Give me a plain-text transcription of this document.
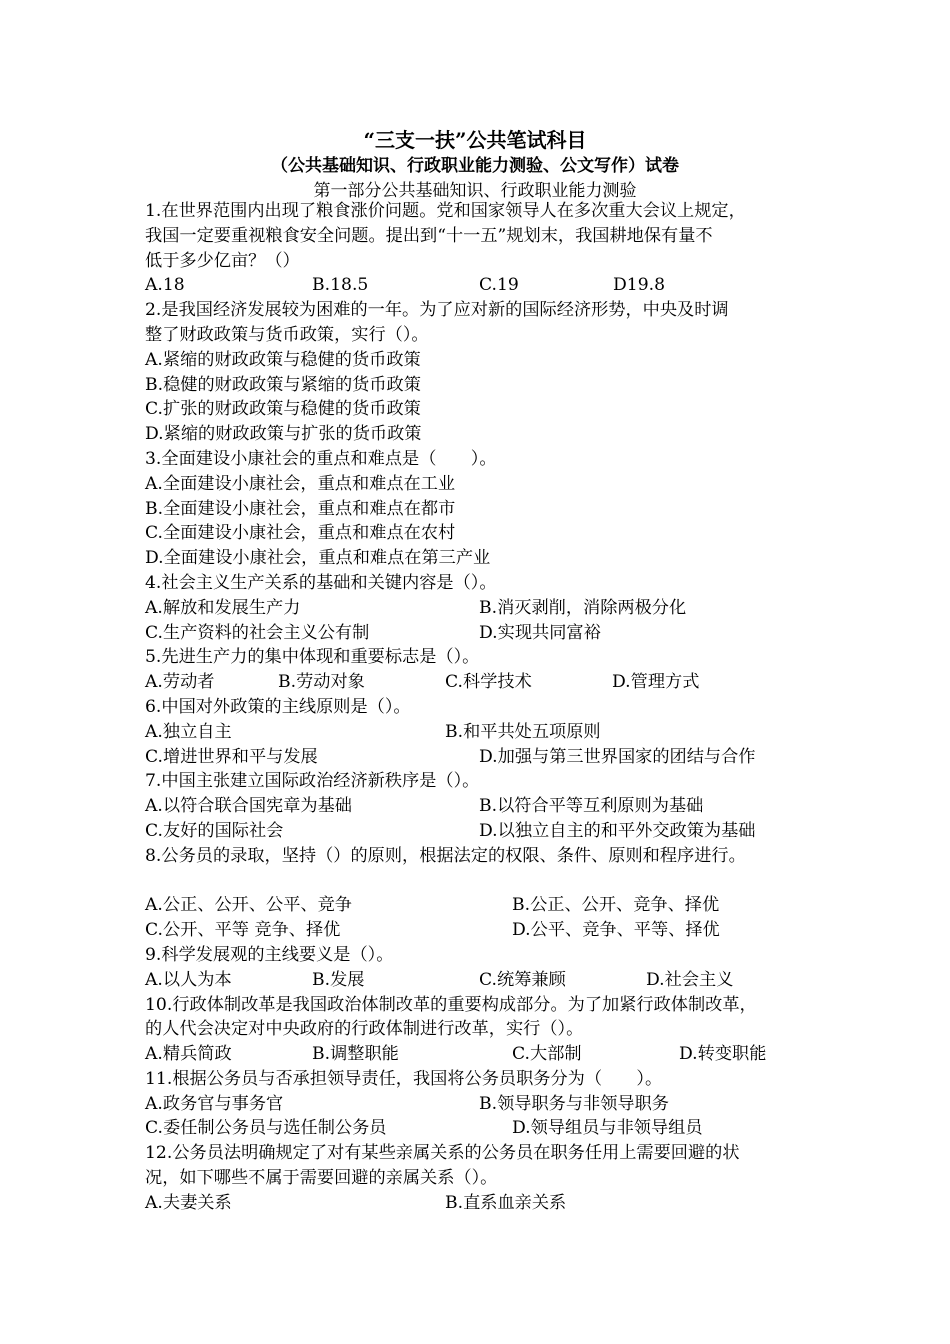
“三支一扶”公共笔试科目
（公共基础知识、行政职业能力测验、公文写作）试卷
第一部分公共基础知识、行政职业能力测验
1.在世界范围内出现了粮食涨价问题。党和国家领导人在多次重大会议上规定，
我国一定要重视粮食安全问题。提出到“十一五”规划末，我国耕地保有量不
低于多少亿亩？（）
A.18	B.18.5	C.19	D19.8
2.是我国经济发展较为困难的一年。为了应对新的国际经济形势，中央及时调
整了财政政策与货币政策，实行（）。
A.紧缩的财政政策与稳健的货币政策
B.稳健的财政政策与紧缩的货币政策
C.扩张的财政政策与稳健的货币政策
D.紧缩的财政政策与扩张的货币政策
3.全面建设小康社会的重点和难点是（　　）。
A.全面建设小康社会，重点和难点在工业
B.全面建设小康社会，重点和难点在都市
C.全面建设小康社会，重点和难点在农村
D.全面建设小康社会，重点和难点在第三产业
4.社会主义生产关系的基础和关键内容是（）。
A.解放和发展生产力	B.消灭剥削，消除两极分化
C.生产资料的社会主义公有制	D.实现共同富裕
5.先进生产力的集中体现和重要标志是（）。
A.劳动者	B.劳动对象	C.科学技术	D.管理方式
6.中国对外政策的主线原则是（）。
A.独立自主	B.和平共处五项原则
C.增进世界和平与发展	D.加强与第三世界国家的团结与合作
7.中国主张建立国际政治经济新秩序是（）。
A.以符合联合国宪章为基础	B.以符合平等互利原则为基础
C.友好的国际社会	D.以独立自主的和平外交政策为基础
8.公务员的录取，坚持（）的原则，根据法定的权限、条件、原则和程序进行。
A.公正、公开、公平、竞争	B.公正、公开、竞争、择优
C.公开、平等 竞争、择优	D.公平、竞争、平等、择优
9.科学发展观的主线要义是（）。
A.以人为本	B.发展	C.统筹兼顾	D.社会主义
10.行政体制改革是我国政治体制改革的重要构成部分。为了加紧行政体制改革，
的人代会决定对中央政府的行政体制进行改革，实行（）。
A.精兵简政	B.调整职能	C.大部制	D.转变职能
11.根据公务员与否承担领导责任，我国将公务员职务分为（　　）。
A.政务官与事务官	B.领导职务与非领导职务
C.委任制公务员与选任制公务员	D.领导组员与非领导组员
12.公务员法明确规定了对有某些亲属关系的公务员在职务任用上需要回避的状
况，如下哪些不属于需要回避的亲属关系（）。
A.夫妻关系	B.直系血亲关系
